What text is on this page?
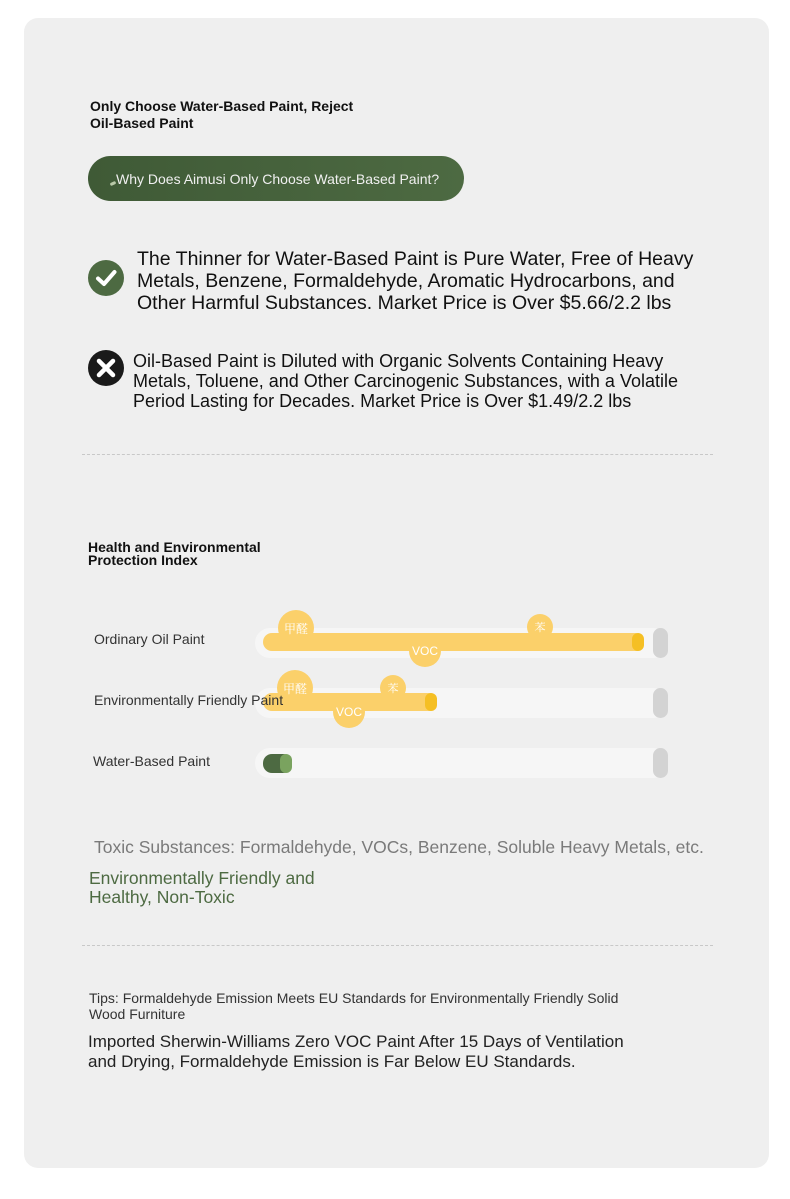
Only Choose Water-Based Paint, Reject Oil-Based Paint
Why Does Aimusi Only Choose Water-Based Paint?
The Thinner for Water-Based Paint is Pure Water, Free of Heavy Metals, Benzene, Formaldehyde, Aromatic Hydrocarbons, and Other Harmful Substances. Market Price is Over $5.66/2.2 lbs
Oil-Based Paint is Diluted with Organic Solvents Containing Heavy Metals, Toluene, and Other Carcinogenic Substances, with a Volatile Period Lasting for Decades. Market Price is Over $1.49/2.2 lbs
Health and Environmental Protection Index
Ordinary Oil Paint
甲醛	苯
VOC
甲醛	苯
VOC
Environmentally Friendly Paint
Water-Based Paint
Toxic Substances: Formaldehyde, VOCs, Benzene, Soluble Heavy Metals, etc.
Environmentally Friendly and Healthy, Non-Toxic
Tips: Formaldehyde Emission Meets EU Standards for Environmentally Friendly Solid Wood Furniture
Imported Sherwin-Williams Zero VOC Paint After 15 Days of Ventilation and Drying, Formaldehyde Emission is Far Below EU Standards.
